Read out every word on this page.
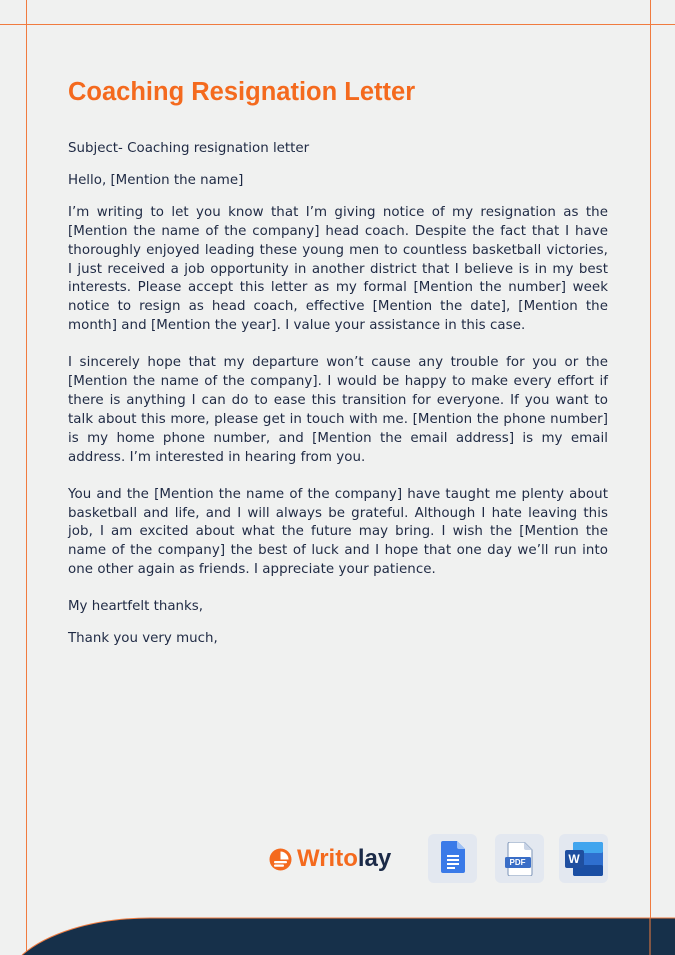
Coaching Resignation Letter

Subject- Coaching resignation letter

Hello, [Mention the name]

I’m writing to let you know that I’m giving notice of my resignation as the [Mention the name of the company] head coach. Despite the fact that I have thoroughly enjoyed leading these young men to countless basketball victories, I just received a job opportunity in another district that I believe is in my best interests. Please accept this letter as my formal [Mention the number] week notice to resign as head coach, effective [Mention the date], [Mention the month] and [Mention the year]. I value your assistance in this case.

I sincerely hope that my departure won’t cause any trouble for you or the [Mention the name of the company]. I would be happy to make every effort if there is anything I can do to ease this transition for everyone. If you want to talk about this more, please get in touch with me. [Mention the phone number] is my home phone number, and [Mention the email address] is my email address. I’m interested in hearing from you.

You and the [Mention the name of the company] have taught me plenty about basketball and life, and I will always be grateful. Although I hate leaving this job, I am excited about what the future may bring. I wish the [Mention the name of the company] the best of luck and I hope that one day we’ll run into one other again as friends. I appreciate your patience.

My heartfelt thanks,

Thank you very much,

Writolay	PDF	W
